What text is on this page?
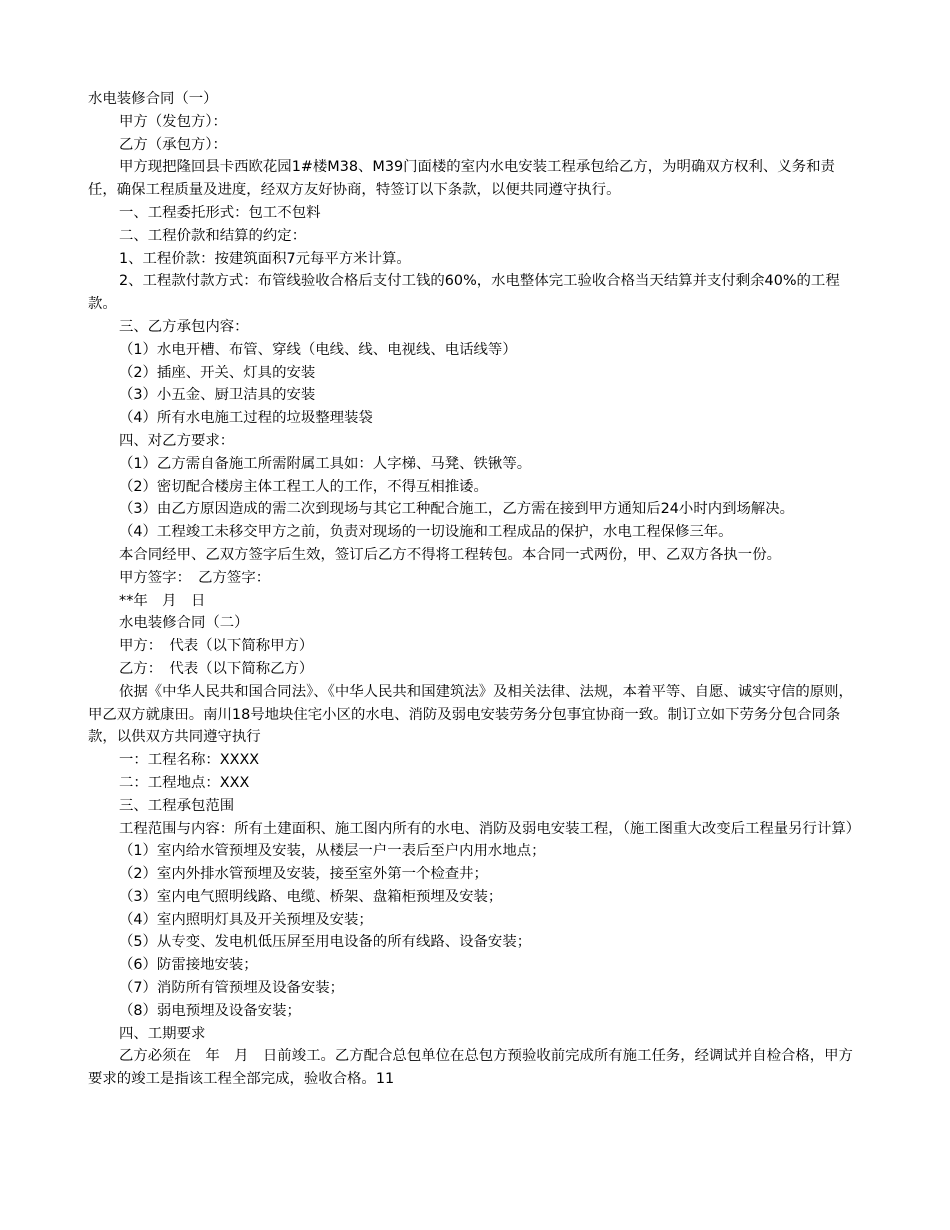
水电装修合同（一）

甲方（发包方）：

乙方（承包方）：

甲方现把隆回县卡西欧花园1#楼M38、M39门面楼的室内水电安装工程承包给乙方，为明确双方权利、义务和责任，确保工程质量及进度，经双方友好协商，特签订以下条款，以便共同遵守执行。

一、工程委托形式：包工不包料

二、工程价款和结算的约定：

1、工程价款：按建筑面积7元每平方米计算。

2、工程款付款方式：布管线验收合格后支付工钱的60%，水电整体完工验收合格当天结算并支付剩余40%的工程款。

三、乙方承包内容：

（1）水电开槽、布管、穿线（电线、线、电视线、电话线等）

（2）插座、开关、灯具的安装

（3）小五金、厨卫洁具的安装

（4）所有水电施工过程的垃圾整理装袋

四、对乙方要求：

（1）乙方需自备施工所需附属工具如：人字梯、马凳、铁锹等。

（2）密切配合楼房主体工程工人的工作，不得互相推诿。

（3）由乙方原因造成的需二次到现场与其它工种配合施工，乙方需在接到甲方通知后24小时内到场解决。

（4）工程竣工未移交甲方之前，负责对现场的一切设施和工程成品的保护，水电工程保修三年。

本合同经甲、乙双方签字后生效，签订后乙方不得将工程转包。本合同一式两份，甲、乙双方各执一份。

甲方签字：　乙方签字：

**年　月　日

水电装修合同（二）

甲方：　代表（以下简称甲方）

乙方：　代表（以下简称乙方）

依据《中华人民共和国合同法》、《中华人民共和国建筑法》及相关法律、法规，本着平等、自愿、诚实守信的原则，甲乙双方就康田。南川18号地块住宅小区的水电、消防及弱电安装劳务分包事宜协商一致。制订立如下劳务分包合同条款，以供双方共同遵守执行

一：工程名称：XXXX

二：工程地点：XXX

三、工程承包范围

工程范围与内容：所有土建面积、施工图内所有的水电、消防及弱电安装工程，（施工图重大改变后工程量另行计算）

（1）室内给水管预埋及安装，从楼层一户一表后至户内用水地点；

（2）室内外排水管预埋及安装，接至室外第一个检查井；

（3）室内电气照明线路、电缆、桥架、盘箱柜预埋及安装；

（4）室内照明灯具及开关预埋及安装；

（5）从专变、发电机低压屏至用电设备的所有线路、设备安装；

（6）防雷接地安装；

（7）消防所有管预埋及设备安装；

（8）弱电预埋及设备安装；

四、工期要求

乙方必须在　年　月　日前竣工。乙方配合总包单位在总包方预验收前完成所有施工任务，经调试并自检合格，甲方要求的竣工是指该工程全部完成，验收合格。11
